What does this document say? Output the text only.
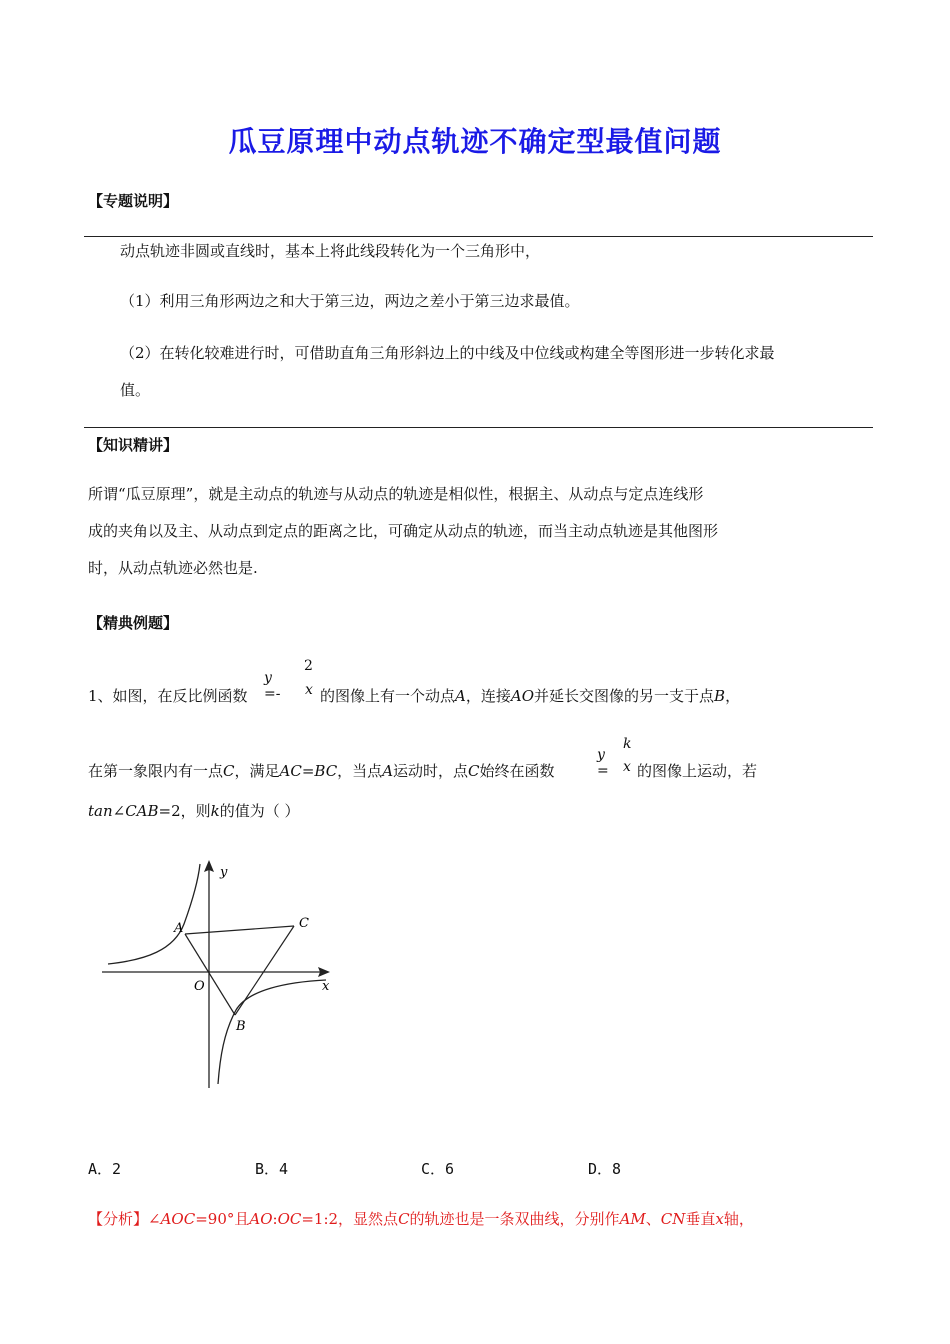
瓜豆原理中动点轨迹不确定型最值问题
【专题说明】
动点轨迹非圆或直线时，基本上将此线段转化为一个三角形中，
（1）利用三角形两边之和大于第三边，两边之差小于第三边求最值。
（2）在转化较难进行时，可借助直角三角形斜边上的中线及中位线或构建全等图形进一步转化求最
值。
【知识精讲】
所谓“瓜豆原理”，就是主动点的轨迹与从动点的轨迹是相似性，根据主、从动点与定点连线形
成的夹角以及主、从动点到定点的距离之比，可确定从动点的轨迹，而当主动点轨迹是其他图形
时，从动点轨迹必然也是.
【精典例题】
1、如图，在反比例函数
y =-
2
x 的图像上有一个动点A，连接AO并延长交图像的另一支于点B，
在第一象限内有一点C，满足AC=BC，当点A运动时，点C始终在函数
y =
k
x 的图像上运动，若
tan∠CAB=2，则k的值为（ ）
y
x
O
A
B
C
A．2	B．4	C．6	D．8
【分析】∠AOC=90°且AO:OC=1:2，显然点C的轨迹也是一条双曲线，分别作AM、CN垂直x轴，
